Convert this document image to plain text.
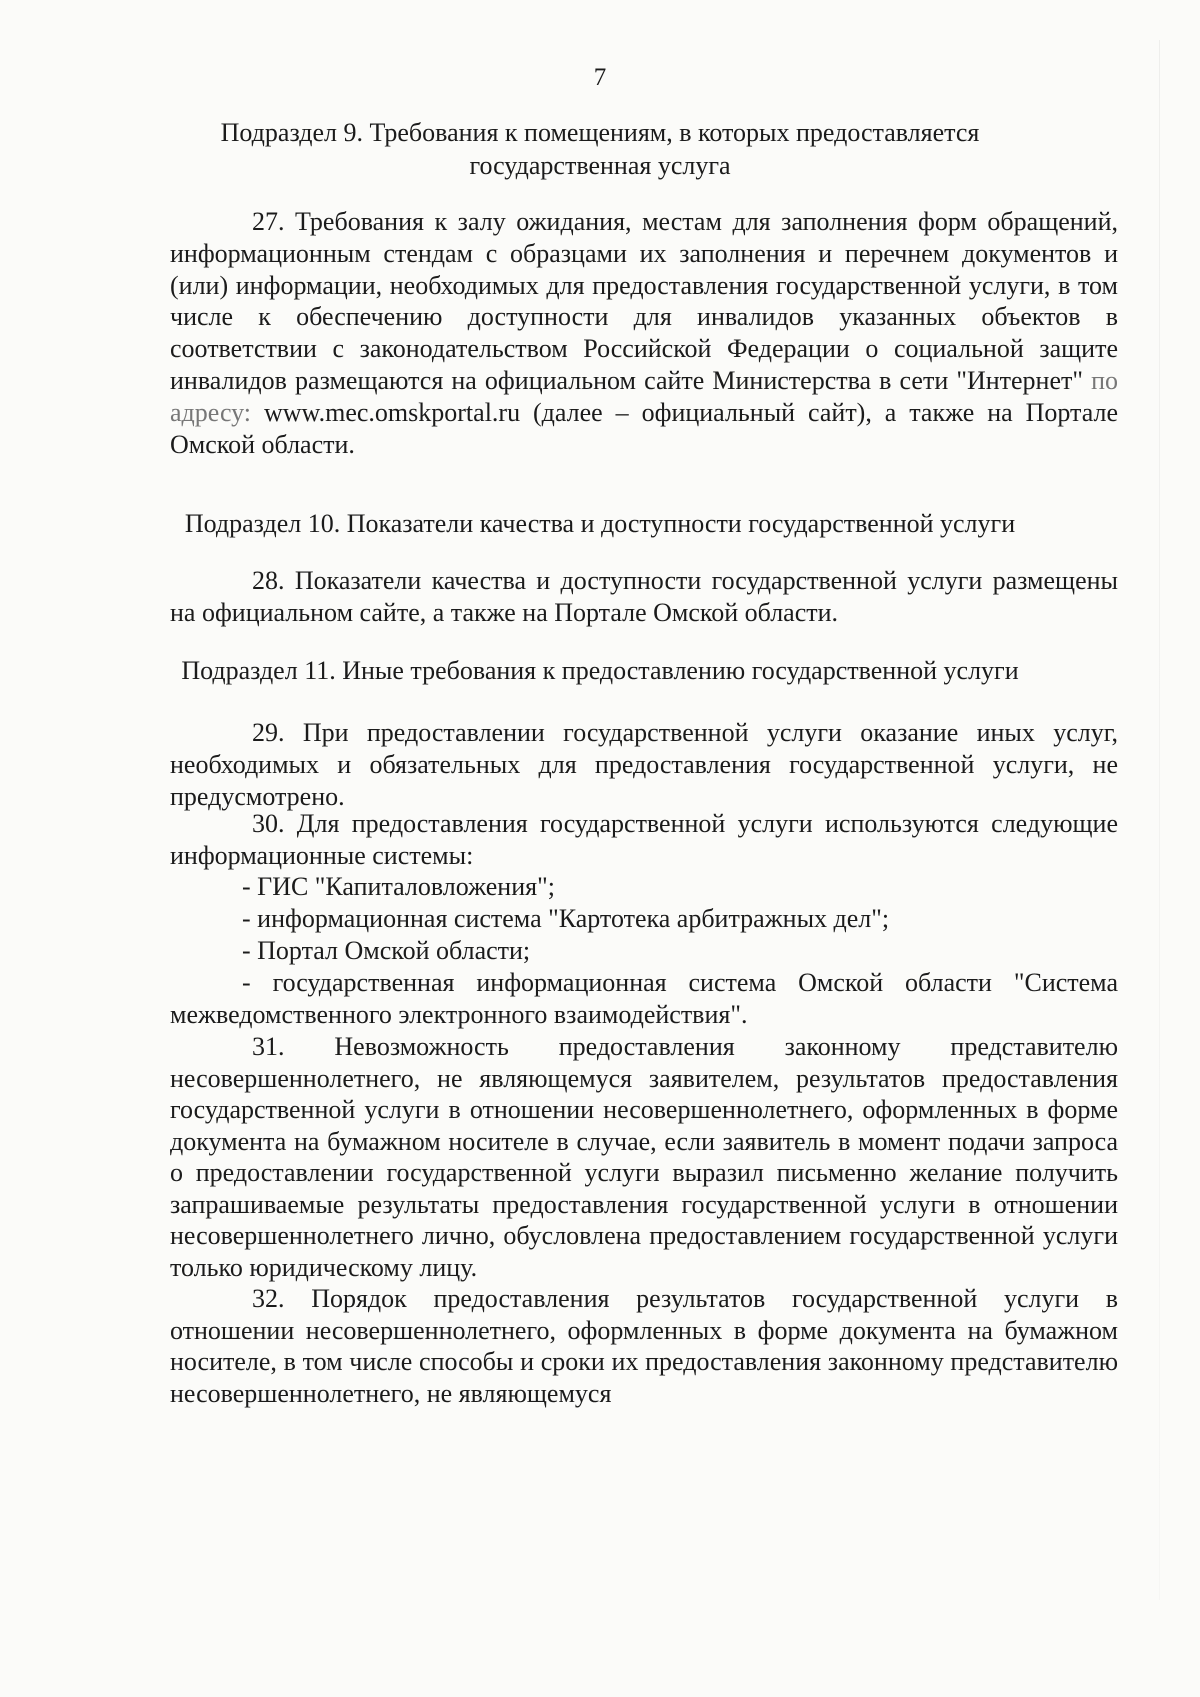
7
Подраздел 9. Требования к помещениям, в которых предоставляется
государственная услуга
27. Требования к залу ожидания, местам для заполнения форм обращений, информационным стендам с образцами их заполнения и перечнем документов и (или) информации, необходимых для предоставления государственной услуги, в том числе к обеспечению доступности для инвалидов указанных объектов в соответствии с законодательством Российской Федерации о социальной защите инвалидов размещаются на официальном сайте Министерства в сети "Интернет" по адресу: www.mec.omskportal.ru (далее – официальный сайт), а также на Портале Омской области.
Подраздел 10. Показатели качества и доступности государственной услуги
28. Показатели качества и доступности государственной услуги размещены на официальном сайте, а также на Портале Омской области.
Подраздел 11. Иные требования к предоставлению государственной услуги
29. При предоставлении государственной услуги оказание иных услуг, необходимых и обязательных для предоставления государственной услуги, не предусмотрено.
30. Для предоставления государственной услуги используются следующие информационные системы:
- ГИС "Капиталовложения";
- информационная система "Картотека арбитражных дел";
- Портал Омской области;
- государственная информационная система Омской области "Система межведомственного электронного взаимодействия".
31. Невозможность предоставления законному представителю несовершеннолетнего, не являющемуся заявителем, результатов предоставления государственной услуги в отношении несовершеннолетнего, оформленных в форме документа на бумажном носителе в случае, если заявитель в момент подачи запроса о предоставлении государственной услуги выразил письменно желание получить запрашиваемые результаты предоставления государственной услуги в отношении несовершеннолетнего лично, обусловлена предоставлением государственной услуги только юридическому лицу.
32. Порядок предоставления результатов государственной услуги в отношении несовершеннолетнего, оформленных в форме документа на бумажном носителе, в том числе способы и сроки их предоставления законному представителю несовершеннолетнего, не являющемуся
